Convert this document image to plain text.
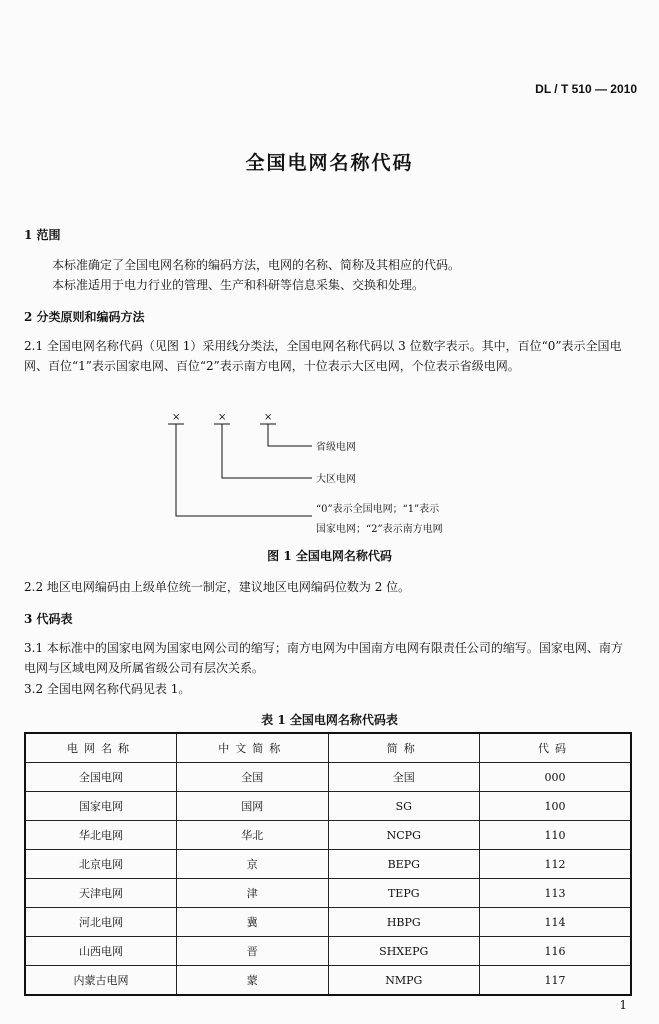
DL / T 510 — 2010
全国电网名称代码
1 范围
本标准确定了全国电网名称的编码方法，电网的名称、简称及其相应的代码。
本标准适用于电力行业的管理、生产和科研等信息采集、交换和处理。
2 分类原则和编码方法
2.1 全国电网名称代码（见图 1）采用线分类法，全国电网名称代码以 3 位数字表示。其中，百位“0”表示全国电网、百位“1”表示国家电网、百位“2”表示南方电网，十位表示大区电网，个位表示省级电网。
×	×	×
省级电网
大区电网
“0”表示全国电网；“1”表示
国家电网；“2”表示南方电网
图 1 全国电网名称代码
2.2 地区电网编码由上级单位统一制定，建议地区电网编码位数为 2 位。
3 代码表
3.1 本标准中的国家电网为国家电网公司的缩写；南方电网为中国南方电网有限责任公司的缩写。国家电网、南方电网与区域电网及所属省级公司有层次关系。
3.2 全国电网名称代码见表 1。
表 1 全国电网名称代码表
电网名称	中文简称	简称	代码
全国电网	全国	全国	000
国家电网	国网	SG	100
华北电网	华北	NCPG	110
北京电网	京	BEPG	112
天津电网	津	TEPG	113
河北电网	冀	HBPG	114
山西电网	晋	SHXEPG	116
内蒙古电网	蒙	NMPG	117
1
